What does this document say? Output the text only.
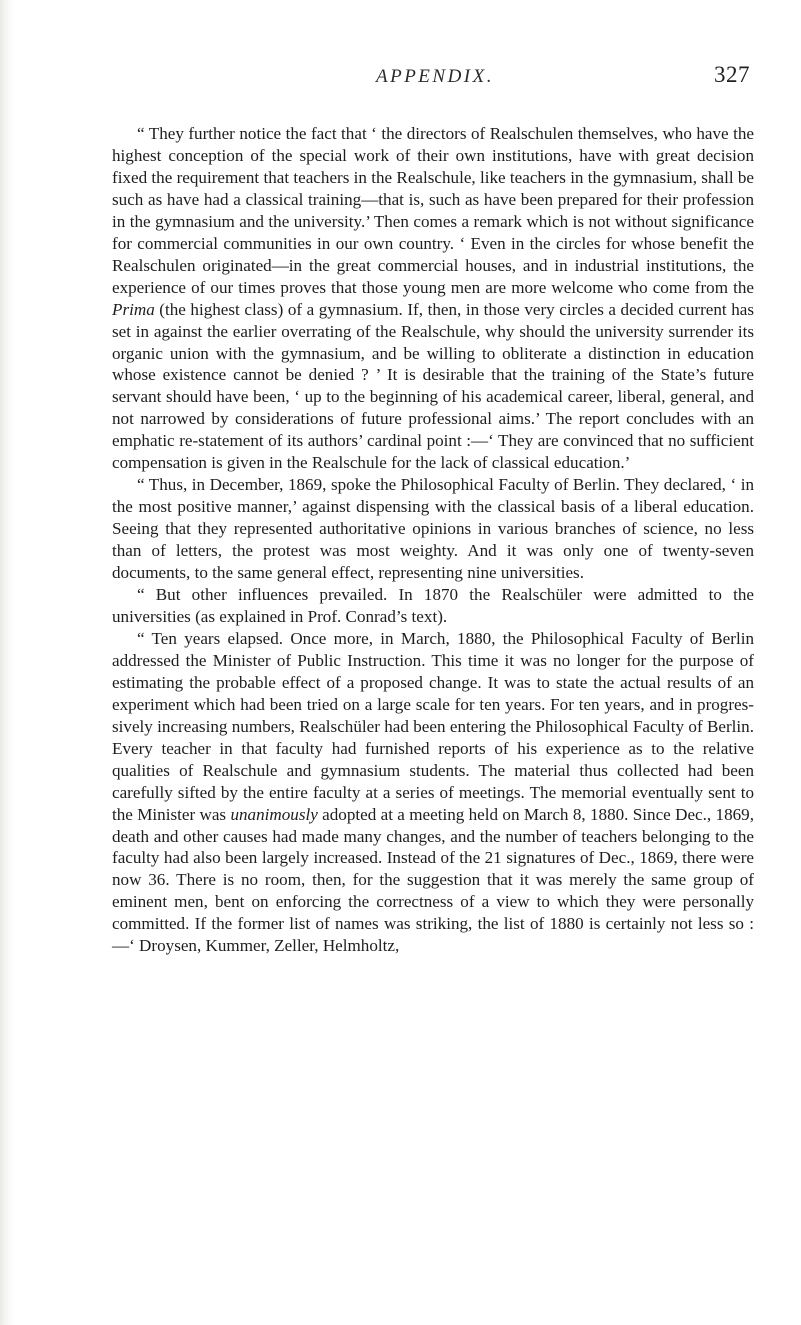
APPENDIX.	327

“ They further notice the fact that ‘ the directors of Realschulen themselves, who have the highest conception of the special work of their own institutions, have with great decision fixed the requirement that teachers in the Realschule, like teachers in the gymnasium, shall be such as have had a classical training—that is, such as have been prepared for their profession in the gymnasium and the university.’ Then comes a remark which is not without significance for commercial communities in our own country. ‘ Even in the circles for whose benefit the Realschulen originated—in the great commercial houses, and in industrial institutions, the experience of our times proves that those young men are more welcome who come from the Prima (the highest class) of a gymnasium. If, then, in those very circles a decided current has set in against the earlier overrating of the Realschule, why should the university surrender its organic union with the gymnasium, and be willing to obliterate a distinction in education whose existence cannot be denied ? ’ It is desirable that the training of the State’s future servant should have been, ‘ up to the beginning of his academical career, liberal, general, and not narrowed by considerations of future professional aims.’ The report concludes with an emphatic re-statement of its authors’ cardinal point :—‘ They are convinced that no sufficient compensation is given in the Realschule for the lack of classical education.’

“ Thus, in December, 1869, spoke the Philosophical Faculty of Berlin. They declared, ‘ in the most positive manner,’ against dispensing with the classical basis of a liberal education. Seeing that they represented authoritative opinions in various branches of science, no less than of letters, the protest was most weighty. And it was only one of twenty-seven documents, to the same general effect, representing nine universities.

“ But other influences prevailed. In 1870 the Realschüler were admitted to the universities (as explained in Prof. Conrad’s text).

“ Ten years elapsed. Once more, in March, 1880, the Philosophical Faculty of Berlin addressed the Minister of Public Instruction. This time it was no longer for the purpose of estimating the probable effect of a proposed change. It was to state the actual results of an experiment which had been tried on a large scale for ten years. For ten years, and in progressively increasing numbers, Realschüler had been entering the Philosophical Faculty of Berlin. Every teacher in that faculty had furnished reports of his experience as to the relative qualities of Realschule and gymnasium students. The material thus collected had been carefully sifted by the entire faculty at a series of meetings. The memorial eventually sent to the Minister was unanimously adopted at a meeting held on March 8, 1880. Since Dec., 1869, death and other causes had made many changes, and the number of teachers belonging to the faculty had also been largely increased. Instead of the 21 signatures of Dec., 1869, there were now 36. There is no room, then, for the suggestion that it was merely the same group of eminent men, bent on enforcing the correctness of a view to which they were personally committed. If the former list of names was striking, the list of 1880 is certainly not less so :—‘ Droysen, Kummer, Zeller, Helmholtz,
